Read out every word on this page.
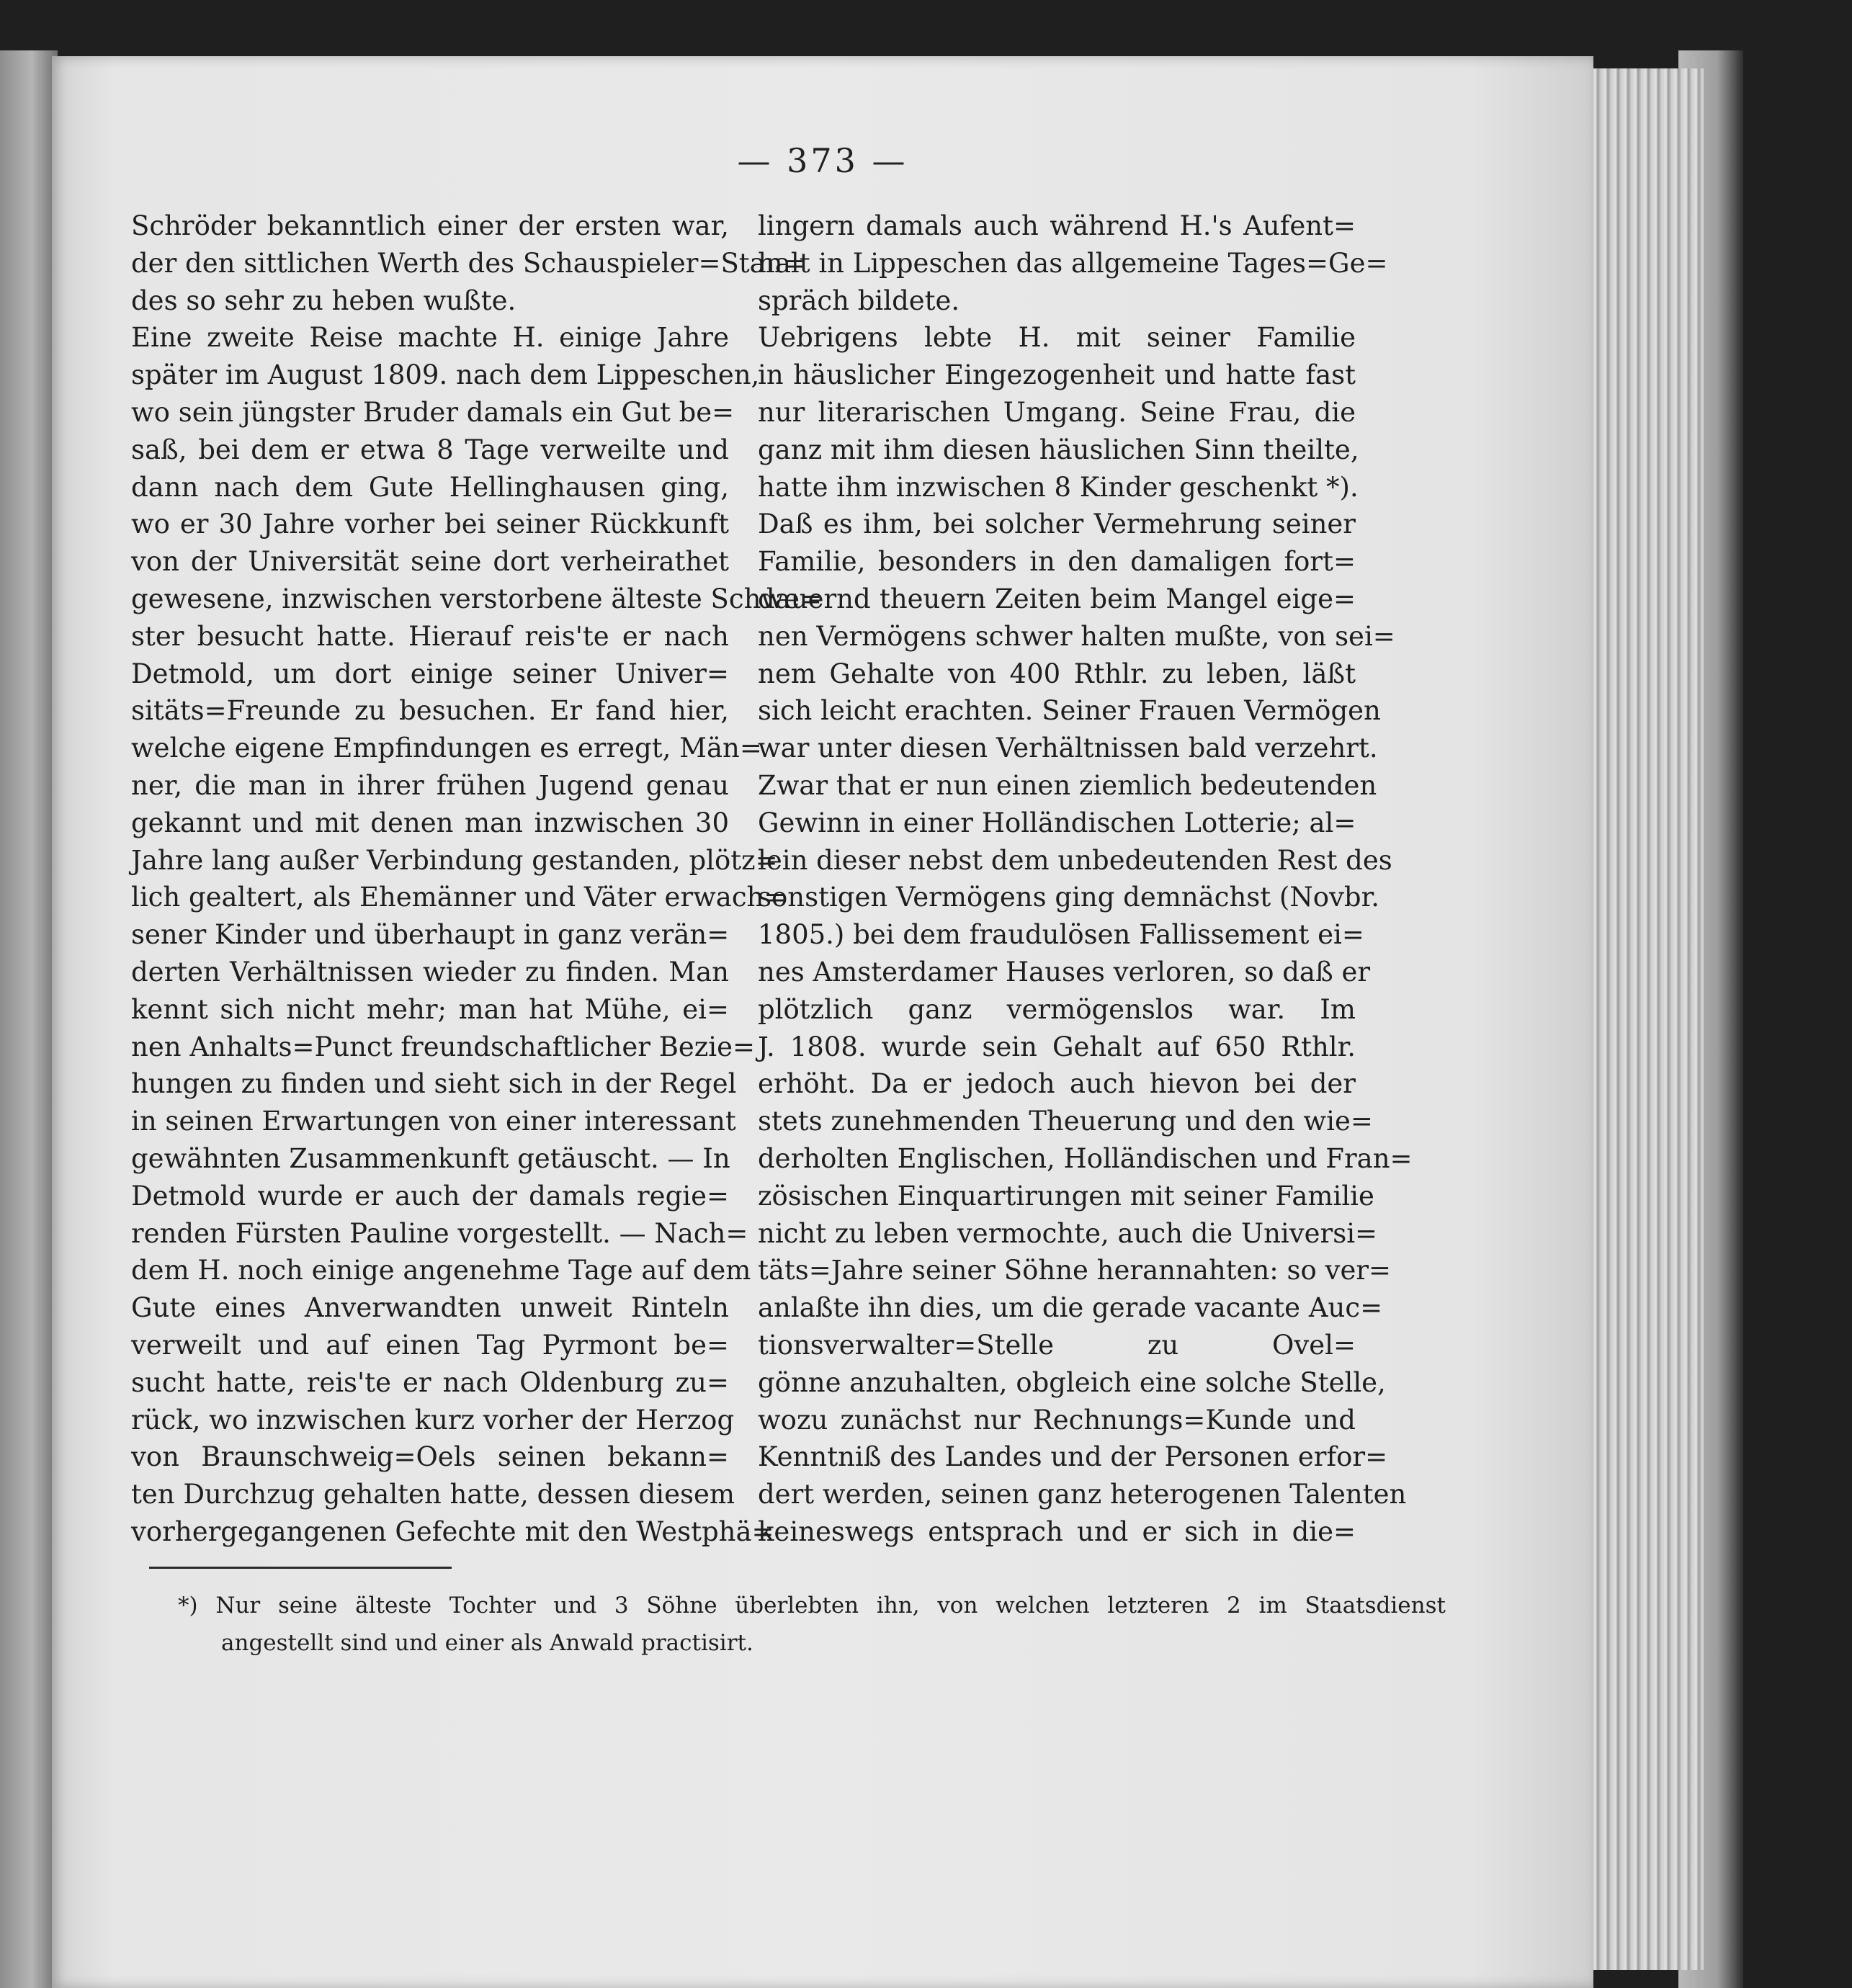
— 373 —
Schröder bekanntlich einer der ersten war,
der den sittlichen Werth des Schauspieler=Stan=
des so sehr zu heben wußte.
Eine zweite Reise machte H. einige Jahre
später im August 1809. nach dem Lippeschen,
wo sein jüngster Bruder damals ein Gut be=
saß, bei dem er etwa 8 Tage verweilte und
dann nach dem Gute Hellinghausen ging,
wo er 30 Jahre vorher bei seiner Rückkunft
von der Universität seine dort verheirathet
gewesene, inzwischen verstorbene älteste Schwe=
ster besucht hatte. Hierauf reis'te er nach
Detmold, um dort einige seiner Univer=
sitäts=Freunde zu besuchen. Er fand hier,
welche eigene Empfindungen es erregt, Män=
ner, die man in ihrer frühen Jugend genau
gekannt und mit denen man inzwischen 30
Jahre lang außer Verbindung gestanden, plötz=
lich gealtert, als Ehemänner und Väter erwach=
sener Kinder und überhaupt in ganz verän=
derten Verhältnissen wieder zu finden. Man
kennt sich nicht mehr; man hat Mühe, ei=
nen Anhalts=Punct freundschaftlicher Bezie=
hungen zu finden und sieht sich in der Regel
in seinen Erwartungen von einer interessant
gewähnten Zusammenkunft getäuscht. — In
Detmold wurde er auch der damals regie=
renden Fürsten Pauline vorgestellt. — Nach=
dem H. noch einige angenehme Tage auf dem
Gute eines Anverwandten unweit Rinteln
verweilt und auf einen Tag Pyrmont be=
sucht hatte, reis'te er nach Oldenburg zu=
rück, wo inzwischen kurz vorher der Herzog
von Braunschweig=Oels seinen bekann=
ten Durchzug gehalten hatte, dessen diesem
vorhergegangenen Gefechte mit den Westphä=
lingern damals auch während H.'s Aufent=
halt in Lippeschen das allgemeine Tages=Ge=
spräch bildete.
Uebrigens lebte H. mit seiner Familie
in häuslicher Eingezogenheit und hatte fast
nur literarischen Umgang. Seine Frau, die
ganz mit ihm diesen häuslichen Sinn theilte,
hatte ihm inzwischen 8 Kinder geschenkt *).
Daß es ihm, bei solcher Vermehrung seiner
Familie, besonders in den damaligen fort=
dauernd theuern Zeiten beim Mangel eige=
nen Vermögens schwer halten mußte, von sei=
nem Gehalte von 400 Rthlr. zu leben, läßt
sich leicht erachten. Seiner Frauen Vermögen
war unter diesen Verhältnissen bald verzehrt.
Zwar that er nun einen ziemlich bedeutenden
Gewinn in einer Holländischen Lotterie; al=
lein dieser nebst dem unbedeutenden Rest des
sonstigen Vermögens ging demnächst (Novbr.
1805.) bei dem fraudulösen Fallissement ei=
nes Amsterdamer Hauses verloren, so daß er
plötzlich ganz vermögenslos war. Im
J. 1808. wurde sein Gehalt auf 650 Rthlr.
erhöht. Da er jedoch auch hievon bei der
stets zunehmenden Theuerung und den wie=
derholten Englischen, Holländischen und Fran=
zösischen Einquartirungen mit seiner Familie
nicht zu leben vermochte, auch die Universi=
täts=Jahre seiner Söhne herannahten: so ver=
anlaßte ihn dies, um die gerade vacante Auc=
tionsverwalter=Stelle zu Ovel=
gönne anzuhalten, obgleich eine solche Stelle,
wozu zunächst nur Rechnungs=Kunde und
Kenntniß des Landes und der Personen erfor=
dert werden, seinen ganz heterogenen Talenten
keineswegs entsprach und er sich in die=
*) Nur seine älteste Tochter und 3 Söhne überlebten ihn, von welchen letzteren 2 im Staatsdienst
angestellt sind und einer als Anwald practisirt.
